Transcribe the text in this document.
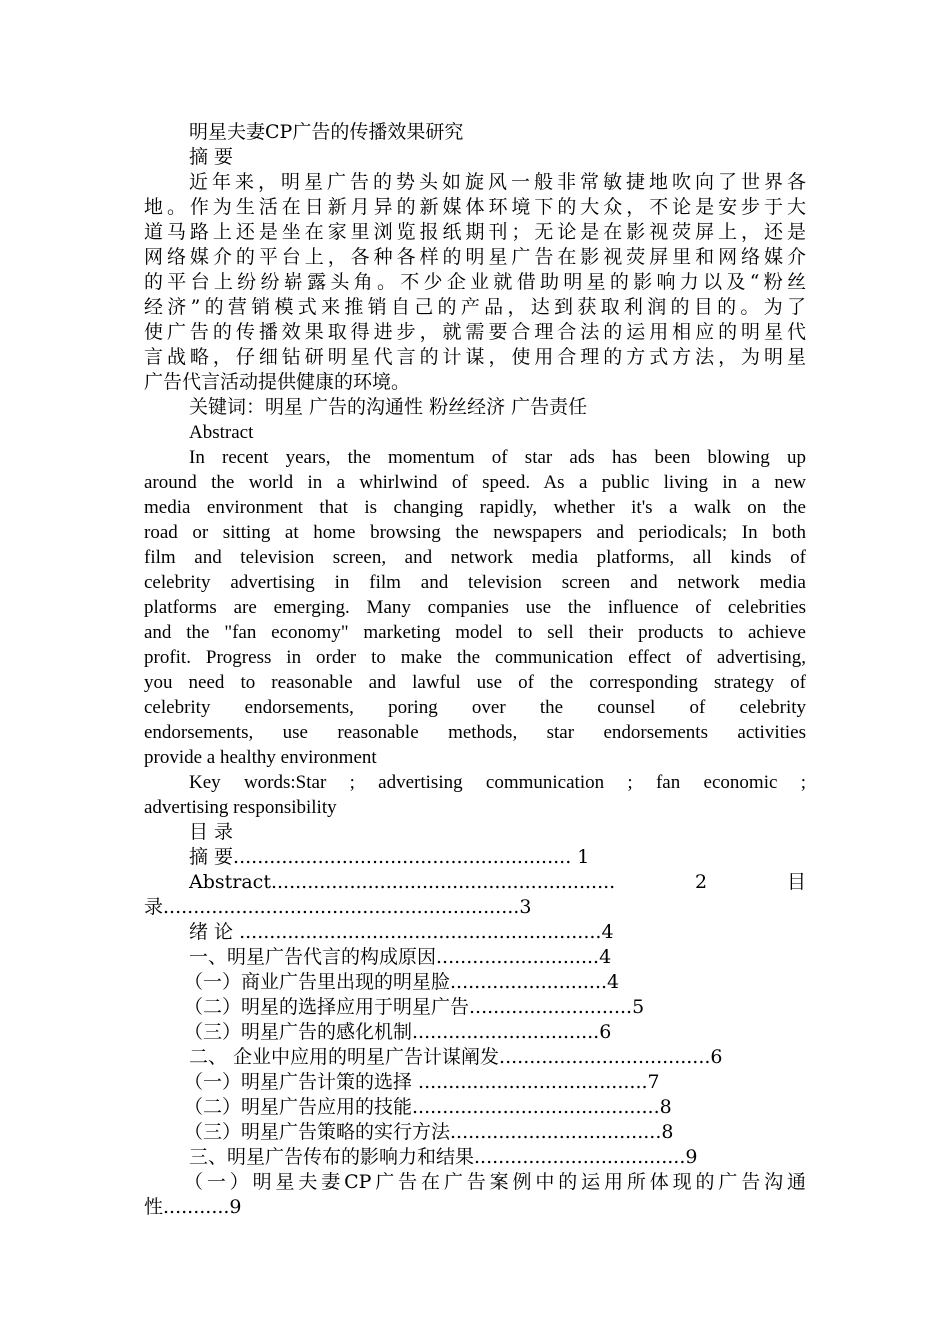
明星夫妻CP广告的传播效果研究
摘 要
近年来，明星广告的势头如旋风一般非常敏捷地吹向了世界各
地。作为生活在日新月异的新媒体环境下的大众，不论是安步于大
道马路上还是坐在家里浏览报纸期刊；无论是在影视荧屏上，还是
网络媒介的平台上，各种各样的明星广告在影视荧屏里和网络媒介
的平台上纷纷崭露头角。不少企业就借助明星的影响力以及“粉丝
经济”的营销模式来推销自己的产品，达到获取利润的目的。为了
使广告的传播效果取得进步，就需要合理合法的运用相应的明星代
言战略，仔细钻研明星代言的计谋，使用合理的方式方法，为明星
广告代言活动提供健康的环境。
关键词：明星 广告的沟通性 粉丝经济 广告责任
Abstract
In recent years, the momentum of star ads has been blowing up
around the world in a whirlwind of speed. As a public living in a new
media environment that is changing rapidly, whether it's a walk on the
road or sitting at home browsing the newspapers and periodicals; In both
film and television screen, and network media platforms, all kinds of
celebrity advertising in film and television screen and network media
platforms are emerging. Many companies use the influence of celebrities
and the "fan economy" marketing model to sell their products to achieve
profit. Progress in order to make the communication effect of advertising,
you need to reasonable and lawful use of the corresponding strategy of
celebrity endorsements, poring over the counsel of celebrity
endorsements, use reasonable methods, star endorsements activities
provide a healthy environment
Key words:Star ; advertising communication ; fan economic ;
advertising responsibility
目 录
摘 要........................................................ 1
Abstract......................................................... 2 目
录...........................................................3
绪 论 ............................................................4
一、明星广告代言的构成原因...........................4
（一）商业广告里出现的明星脸..........................4
（二）明星的选择应用于明星广告...........................5
（三）明星广告的感化机制...............................6
二、 企业中应用的明星广告计谋阐发...................................6
（一）明星广告计策的选择 ......................................7
（二）明星广告应用的技能.........................................8
（三）明星广告策略的实行方法...................................8
三、明星广告传布的影响力和结果...................................9
（一）明星夫妻CP广告在广告案例中的运用所体现的广告沟通
性...........9
